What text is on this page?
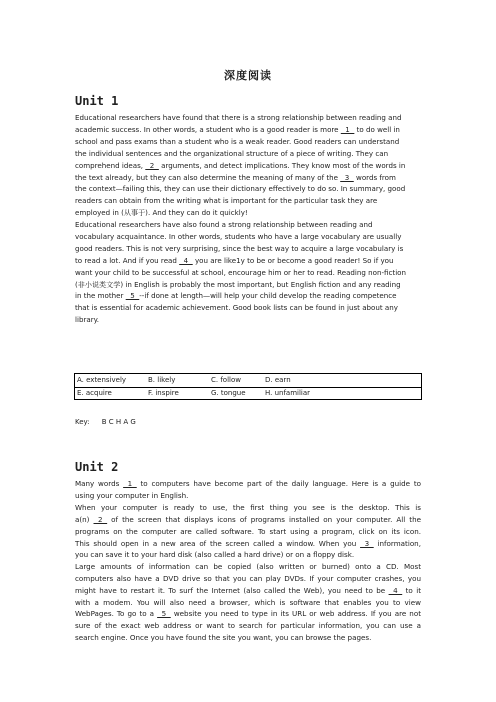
深度阅读
Unit 1
Educational researchers have found that there is a strong relationship between reading and
academic success. In other words, a student who is a good reader is more   1   to do well in
school and pass exams than a student who is a weak reader. Good readers can understand
the individual sentences and the organizational structure of a piece of writing. They can
comprehend ideas,   2   arguments, and detect implications. They know most of the words in
the text already, but they can also determine the meaning of many of the   3   words from
the context—failing this, they can use their dictionary effectively to do so. In summary, good
readers can obtain from the writing what is important for the particular task they are
employed in (从事于). And they can do it quickly!
Educational researchers have also found a strong relationship between reading and
vocabulary acquaintance. In other words, students who have a large vocabulary are usually
good readers. This is not very surprising, since the best way to acquire a large vocabulary is
to read a lot. And if you read   4   you are like1y to be or become a good reader! So if you
want your child to be successful at school, encourage him or her to read. Reading non-fiction
(非小说类文学) in English is probably the most important, but English fiction and any reading
in the mother   5  --if done at length—will help your child develop the reading competence
that is essential for academic achievement. Good book lists can be found in just about any
library.
A. extensively	B. likely	C. follow	D. earn
E. acquire	F. inspire	G. tongue	H. unfamiliar
Key: B C H A G
Unit 2
Many words   1   to computers have become part of the daily language. Here is a guide to
using your computer in English.
When your computer is ready to use, the first thing you see is the desktop. This is
a(n)   2   of the screen that displays icons of programs installed on your computer. All the
programs on the computer are called software. To start using a program, click on its icon.
This should open in a new area of the screen called a window. When you   3   information,
you can save it to your hard disk (also called a hard drive) or on a floppy disk.
Large amounts of information can be copied (also written or burned) onto a CD. Most
computers also have a DVD drive so that you can play DVDs. If your computer crashes, you
might have to restart it. To surf the Internet (also called the Web), you need to be   4   to it
with a modem. You will also need a browser, which is software that enables you to view
WebPages. To go to a   5   website you need to type in its URL or web address. If you are not
sure of the exact web address or want to search for particular information, you can use a
search engine. Once you have found the site you want, you can browse the pages.
